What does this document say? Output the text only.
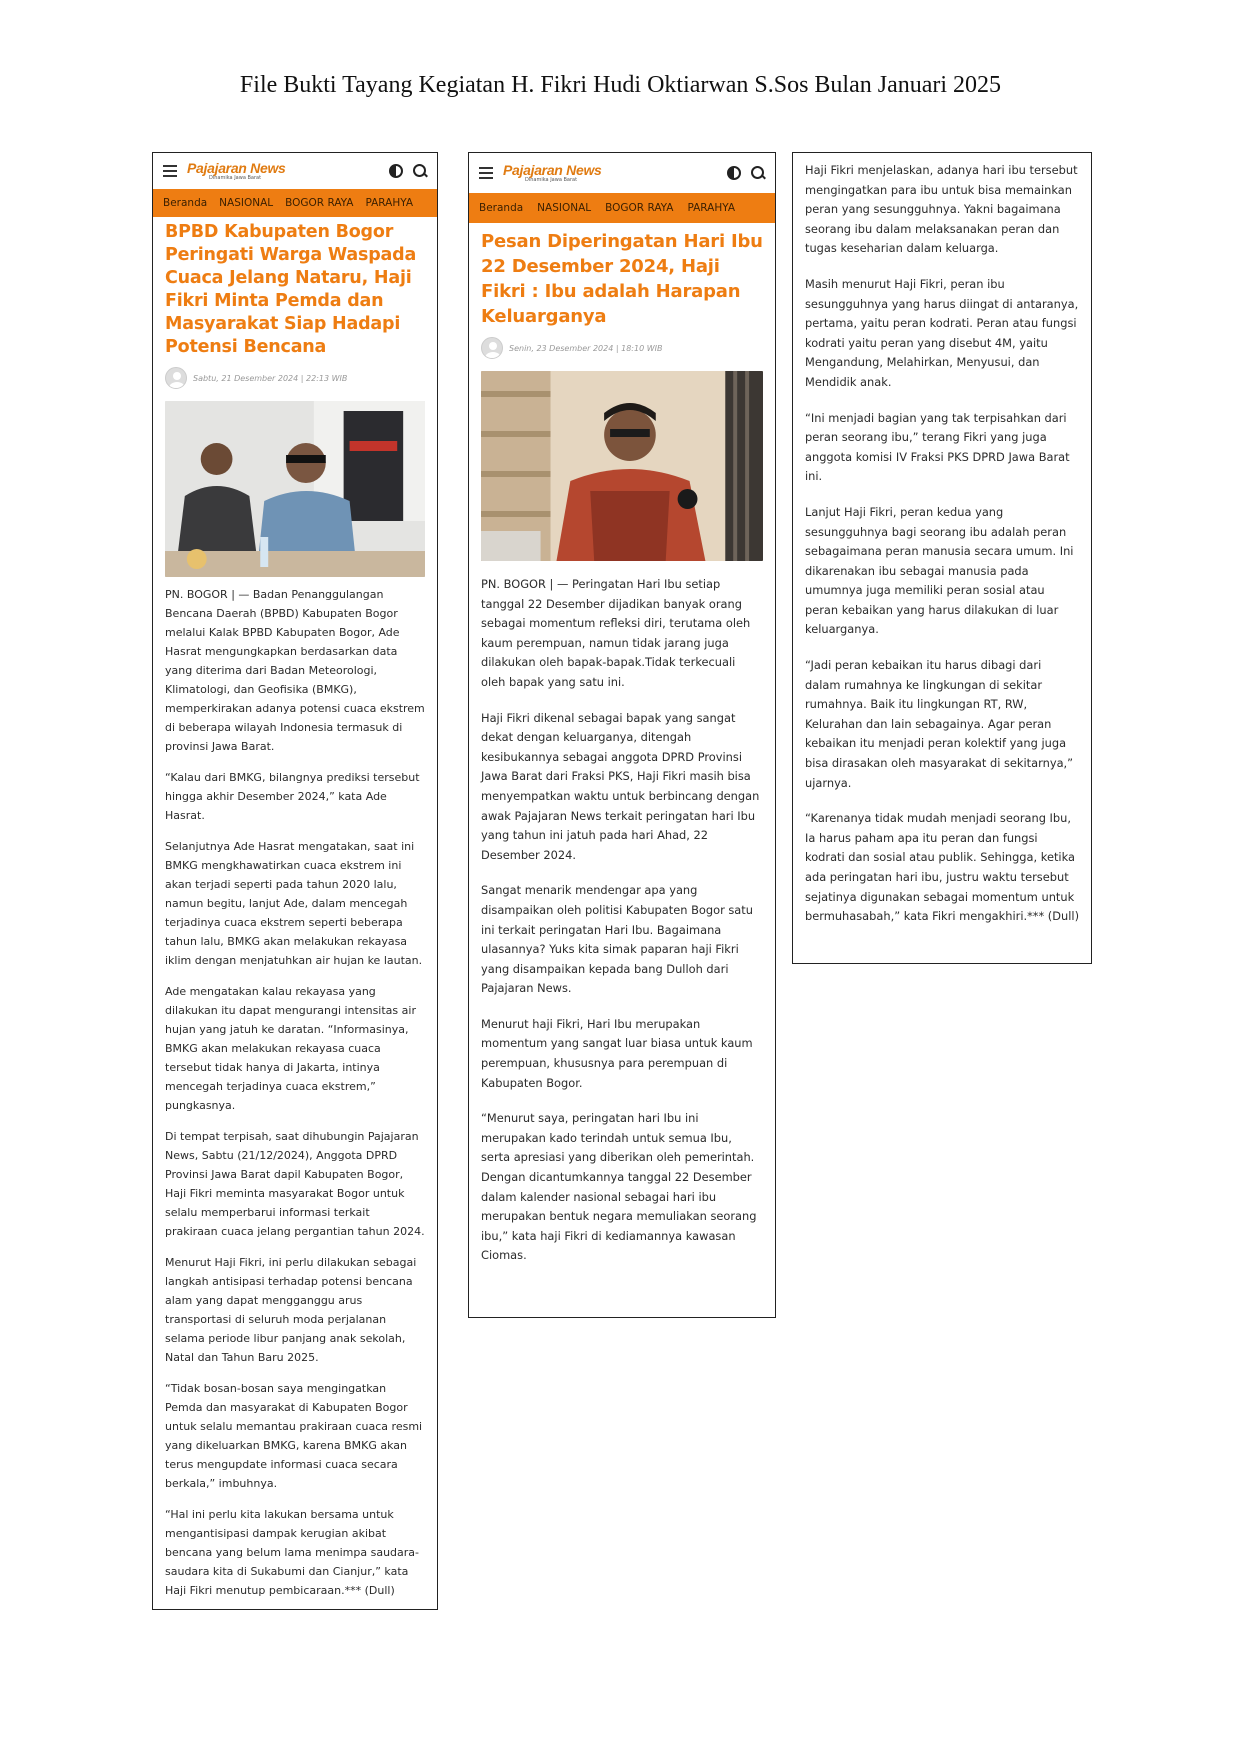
File Bukti Tayang Kegiatan H. Fikri Hudi Oktiarwan S.Sos Bulan Januari 2025
Pajajaran News
Dinamika Jawa Barat
Beranda NASIONAL BOGOR RAYA PARAHYA
BPBD Kabupaten Bogor Peringati Warga Waspada Cuaca Jelang Nataru, Haji Fikri Minta Pemda dan Masyarakat Siap Hadapi Potensi Bencana
Sabtu, 21 Desember 2024 | 22:13 WIB

PN. BOGOR | — Badan Penanggulangan Bencana Daerah (BPBD) Kabupaten Bogor melalui Kalak BPBD Kabupaten Bogor, Ade Hasrat mengungkapkan berdasarkan data yang diterima dari Badan Meteorologi, Klimatologi, dan Geofisika (BMKG), memperkirakan adanya potensi cuaca ekstrem di beberapa wilayah Indonesia termasuk di provinsi Jawa Barat.

“Kalau dari BMKG, bilangnya prediksi tersebut hingga akhir Desember 2024,” kata Ade Hasrat.

Selanjutnya Ade Hasrat mengatakan, saat ini BMKG mengkhawatirkan cuaca ekstrem ini akan terjadi seperti pada tahun 2020 lalu, namun begitu, lanjut Ade, dalam mencegah terjadinya cuaca ekstrem seperti beberapa tahun lalu, BMKG akan melakukan rekayasa iklim dengan menjatuhkan air hujan ke lautan.

Ade mengatakan kalau rekayasa yang dilakukan itu dapat mengurangi intensitas air hujan yang jatuh ke daratan. “Informasinya, BMKG akan melakukan rekayasa cuaca tersebut tidak hanya di Jakarta, intinya mencegah terjadinya cuaca ekstrem,” pungkasnya.

Di tempat terpisah, saat dihubungin Pajajaran News, Sabtu (21/12/2024), Anggota DPRD Provinsi Jawa Barat dapil Kabupaten Bogor, Haji Fikri meminta masyarakat Bogor untuk selalu memperbarui informasi terkait prakiraan cuaca jelang pergantian tahun 2024.

Menurut Haji Fikri, ini perlu dilakukan sebagai langkah antisipasi terhadap potensi bencana alam yang dapat mengganggu arus transportasi di seluruh moda perjalanan selama periode libur panjang anak sekolah, Natal dan Tahun Baru 2025.

“Tidak bosan-bosan saya mengingatkan Pemda dan masyarakat di Kabupaten Bogor untuk selalu memantau prakiraan cuaca resmi yang dikeluarkan BMKG, karena BMKG akan terus mengupdate informasi cuaca secara berkala,” imbuhnya.

“Hal ini perlu kita lakukan bersama untuk mengantisipasi dampak kerugian akibat bencana yang belum lama menimpa saudara-saudara kita di Sukabumi dan Cianjur,” kata Haji Fikri menutup pembicaraan.*** (Dull)

Pajajaran News
Dinamika Jawa Barat
Beranda NASIONAL BOGOR RAYA PARAHYA
Pesan Diperingatan Hari Ibu 22 Desember 2024, Haji Fikri : Ibu adalah Harapan Keluarganya
Senin, 23 Desember 2024 | 18:10 WIB

PN. BOGOR | — Peringatan Hari Ibu setiap tanggal 22 Desember dijadikan banyak orang sebagai momentum refleksi diri, terutama oleh kaum perempuan, namun tidak jarang juga dilakukan oleh bapak-bapak.Tidak terkecuali oleh bapak yang satu ini.

Haji Fikri dikenal sebagai bapak yang sangat dekat dengan keluarganya, ditengah kesibukannya sebagai anggota DPRD Provinsi Jawa Barat dari Fraksi PKS, Haji Fikri masih bisa menyempatkan waktu untuk berbincang dengan awak Pajajaran News terkait peringatan hari Ibu yang tahun ini jatuh pada hari Ahad, 22 Desember 2024.

Sangat menarik mendengar apa yang disampaikan oleh politisi Kabupaten Bogor satu ini terkait peringatan Hari Ibu. Bagaimana ulasannya? Yuks kita simak paparan haji Fikri yang disampaikan kepada bang Dulloh dari Pajajaran News.

Menurut haji Fikri, Hari Ibu merupakan momentum yang sangat luar biasa untuk kaum perempuan, khususnya para perempuan di Kabupaten Bogor.

“Menurut saya, peringatan hari Ibu ini merupakan kado terindah untuk semua Ibu, serta apresiasi yang diberikan oleh pemerintah. Dengan dicantumkannya tanggal 22 Desember dalam kalender nasional sebagai hari ibu merupakan bentuk negara memuliakan seorang ibu,” kata haji Fikri di kediamannya kawasan Ciomas.

Haji Fikri menjelaskan, adanya hari ibu tersebut mengingatkan para ibu untuk bisa memainkan peran yang sesungguhnya. Yakni bagaimana seorang ibu dalam melaksanakan peran dan tugas keseharian dalam keluarga.

Masih menurut Haji Fikri, peran ibu sesungguhnya yang harus diingat di antaranya, pertama, yaitu peran kodrati. Peran atau fungsi kodrati yaitu peran yang disebut 4M, yaitu Mengandung, Melahirkan, Menyusui, dan Mendidik anak.

“Ini menjadi bagian yang tak terpisahkan dari peran seorang ibu,” terang Fikri yang juga anggota komisi IV Fraksi PKS DPRD Jawa Barat ini.

Lanjut Haji Fikri, peran kedua yang sesungguhnya bagi seorang ibu adalah peran sebagaimana peran manusia secara umum. Ini dikarenakan ibu sebagai manusia pada umumnya juga memiliki peran sosial atau peran kebaikan yang harus dilakukan di luar keluarganya.

“Jadi peran kebaikan itu harus dibagi dari dalam rumahnya ke lingkungan di sekitar rumahnya. Baik itu lingkungan RT, RW, Kelurahan dan lain sebagainya. Agar peran kebaikan itu menjadi peran kolektif yang juga bisa dirasakan oleh masyarakat di sekitarnya,” ujarnya.

“Karenanya tidak mudah menjadi seorang Ibu, Ia harus paham apa itu peran dan fungsi kodrati dan sosial atau publik. Sehingga, ketika ada peringatan hari ibu, justru waktu tersebut sejatinya digunakan sebagai momentum untuk bermuhasabah,” kata Fikri mengakhiri.*** (Dull)
